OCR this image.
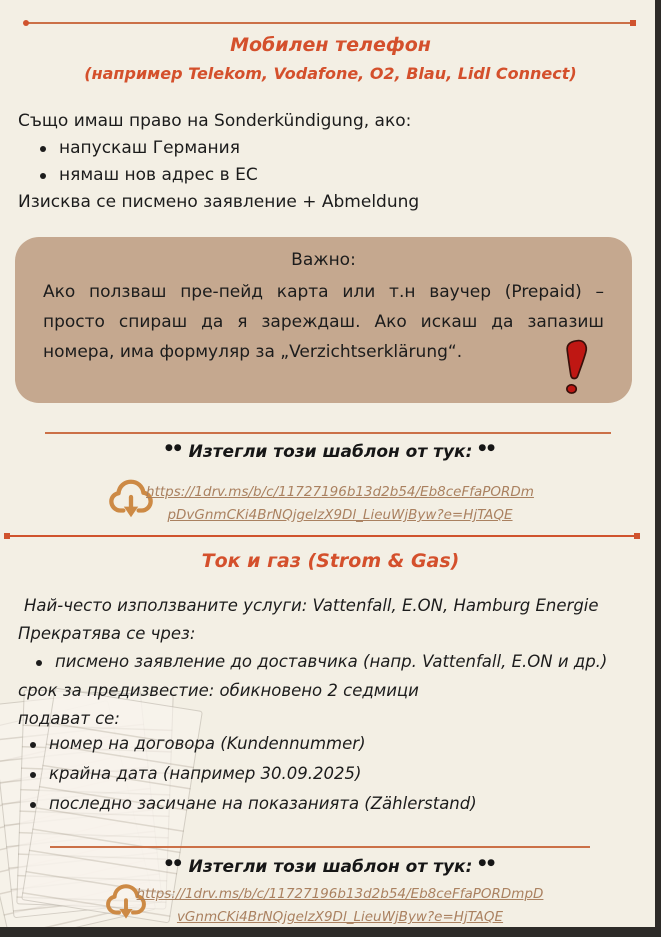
Мобилен телефон
(например Telekom, Vodafone, O2, Blau, Lidl Connect)
Също имаш право на Sonderkündigung, ако:
напускаш Германия
нямаш нов адрес в ЕС
Изисква се писмено заявление + Abmeldung
Важно:
Ако ползваш пре-пейд карта или т.н ваучер (Prepaid) – просто спираш да я зареждаш. Ако искаш да запазиш номера, има формуляр за „Verzichtserklärung“.
●● Изтегли този шаблон от тук: ●●
https://1drv.ms/b/c/11727196b13d2b54/Eb8ceFfaPORDm
pDvGnmCKi4BrNQjgelzX9Dl_LieuWjByw?e=HjTAQE
Ток и газ (Strom & Gas)
Най-често използваните услуги: Vattenfall, E.ON, Hamburg Energie
Прекратява се чрез:
писмено заявление до доставчика (напр. Vattenfall, E.ON и др.)
срок за предизвестие: обикновено 2 седмици
подават се:
номер на договора (Kundennummer)
крайна дата (например 30.09.2025)
последно засичане на показанията (Zählerstand)
●● Изтегли този шаблон от тук: ●●
https://1drv.ms/b/c/11727196b13d2b54/Eb8ceFfaPORDmpD
vGnmCKi4BrNQjgelzX9Dl_LieuWjByw?e=HjTAQE
